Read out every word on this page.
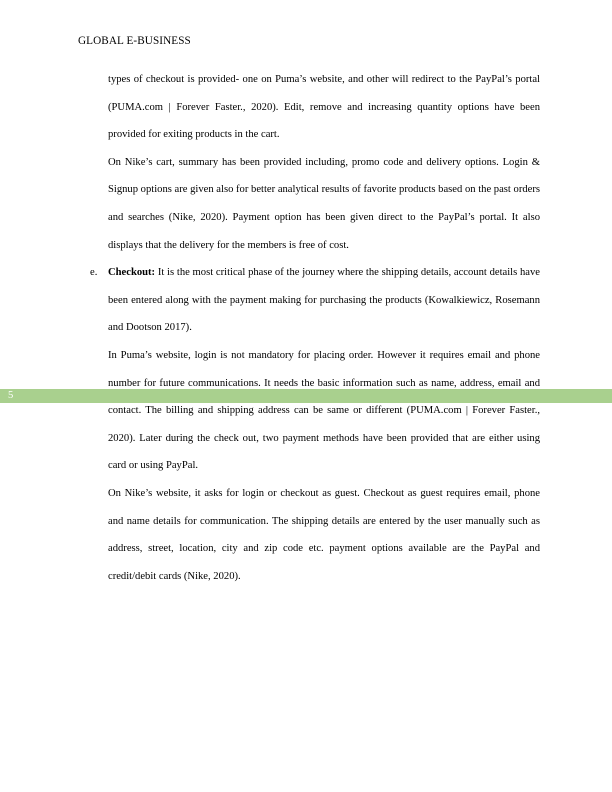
GLOBAL E-BUSINESS
5

types of checkout is provided- one on Puma’s website, and other will redirect to the PayPal’s portal (PUMA.com | Forever Faster., 2020). Edit, remove and increasing quantity options have been provided for exiting products in the cart.

On Nike’s cart, summary has been provided including, promo code and delivery options. Login & Signup options are given also for better analytical results of favorite products based on the past orders and searches (Nike, 2020). Payment option has been given direct to the PayPal’s portal. It also displays that the delivery for the members is free of cost.

e. Checkout: It is the most critical phase of the journey where the shipping details, account details have been entered along with the payment making for purchasing the products (Kowalkiewicz, Rosemann and Dootson 2017).

In Puma’s website, login is not mandatory for placing order. However it requires email and phone number for future communications. It needs the basic information such as name, address, email and contact. The billing and shipping address can be same or different (PUMA.com | Forever Faster., 2020). Later during the check out, two payment methods have been provided that are either using card or using PayPal.

On Nike’s website, it asks for login or checkout as guest. Checkout as guest requires email, phone and name details for communication. The shipping details are entered by the user manually such as address, street, location, city and zip code etc. payment options available are the PayPal and credit/debit cards (Nike, 2020).
